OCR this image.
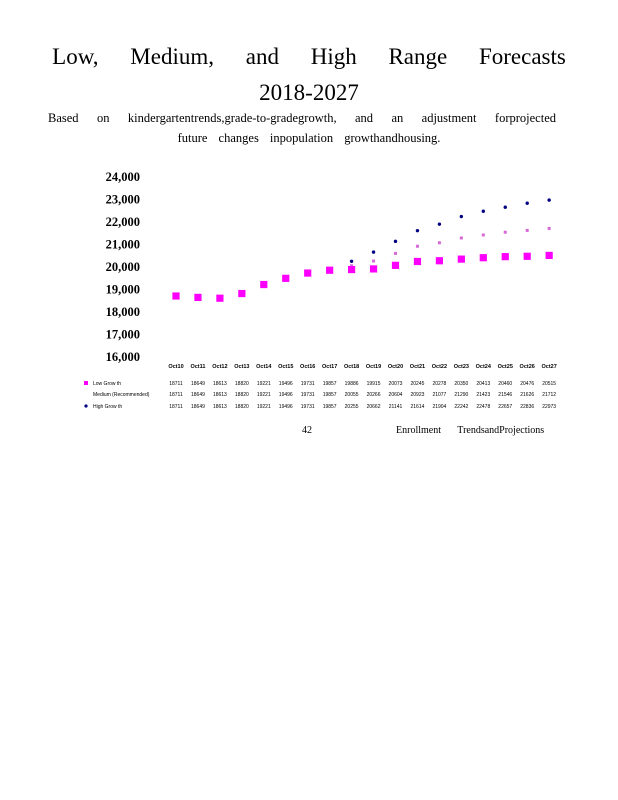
Low, Medium, and High Range Forecasts
2018-2027
Based on kindergartentrends,grade-to-gradegrowth, and an adjustment forprojected
future changes inpopulation growthandhousing.
16,000
17,000
18,000
19,000
20,000
21,000
22,000
23,000
24,000
Oct10 Oct11 Oct12 Oct13 Oct14 Oct15 Oct16 Oct17 Oct18 Oct19 Oct20 Oct21 Oct22 Oct23 Oct24 Oct25 Oct26 Oct27
Low Grow th	18711 18649 18613 18820 19221 19496 19731 19857 19886 19915 20073 20245 20278 20350 20413 20460 20476 20515
Medium (Recommended)	18711 18649 18613 18820 19221 19496 19731 19857 20055 20266 20604 20923 21077 21290 21423 21546 21626 21712
High Grow th	18711 18649 18613 18820 19221 19496 19731 19857 20255 20662 21141 21614 21904 22242 22478 22657 22836 22973
42	Enrollment TrendsandProjections
